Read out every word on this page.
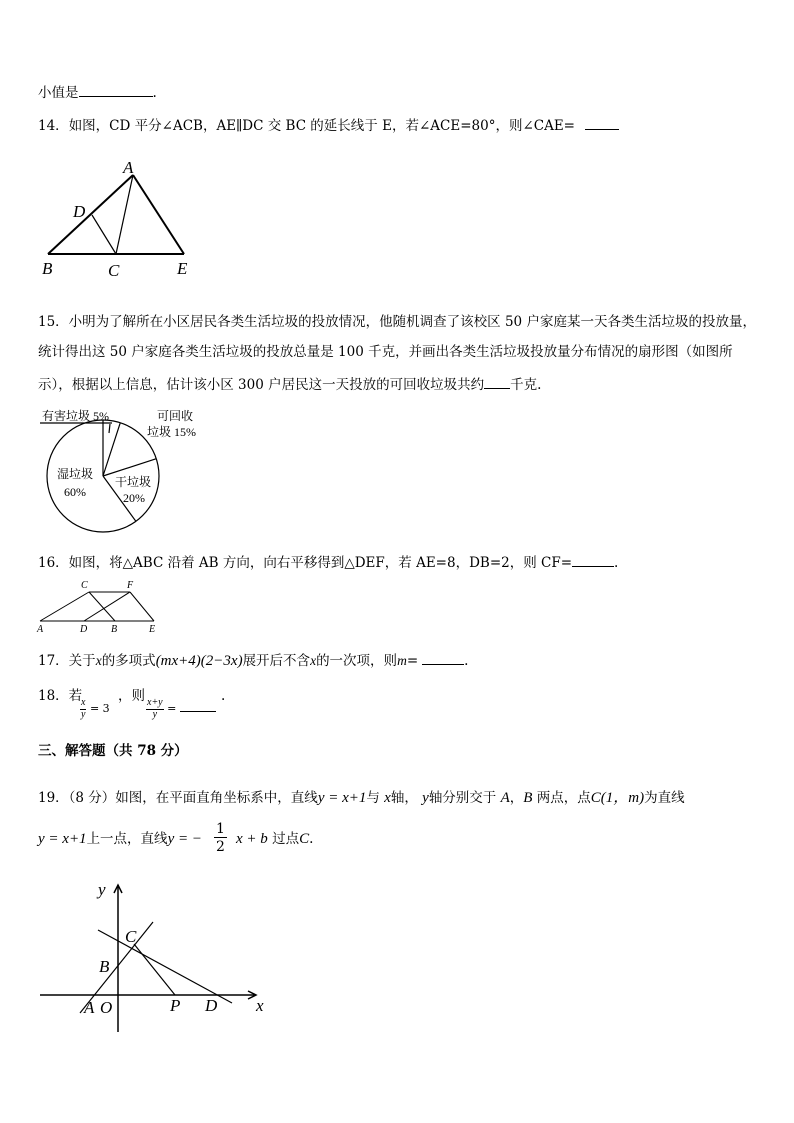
小值是	.
14．如图，CD 平分∠ACB，AE∥DC 交 BC 的延长线于 E，若∠ACE=80°，则∠CAE=
A
D
B	C	E
15．小明为了解所在小区居民各类生活垃圾的投放情况，他随机调查了该校区 50 户家庭某一天各类生活垃圾的投放量，
统计得出这 50 户家庭各类生活垃圾的投放总量是 100 千克，并画出各类生活垃圾投放量分布情况的扇形图（如图所
示），根据以上信息，估计该小区 300 户居民这一天投放的可回收垃圾共约 千克.
有害垃圾 5%	可回收
垃圾 15%
干垃圾
20%
湿垃圾
60%
16．如图，将△ABC 沿着 AB 方向，向右平移得到△DEF，若 AE=8，DB=2，则 CF=	.
C	F
A	D B	E
17．关于x的多项式(mx+4)(2−3x)展开后不含x的一次项，则m=	.
18．若
$\frac{x}{y} = 3$
，则
$\frac{x+y}{y}$ =
.
三、解答题（共 78 分）
19．（8 分）如图，在平面直角坐标系中，直线y = x+1与 x轴， y轴分别交于 A，B 两点，点C(1，m)为直线
y = x+1上一点，直线y = − $\frac{1}{2}$ x + b 过点C.
y
C
B
A O	P D x
